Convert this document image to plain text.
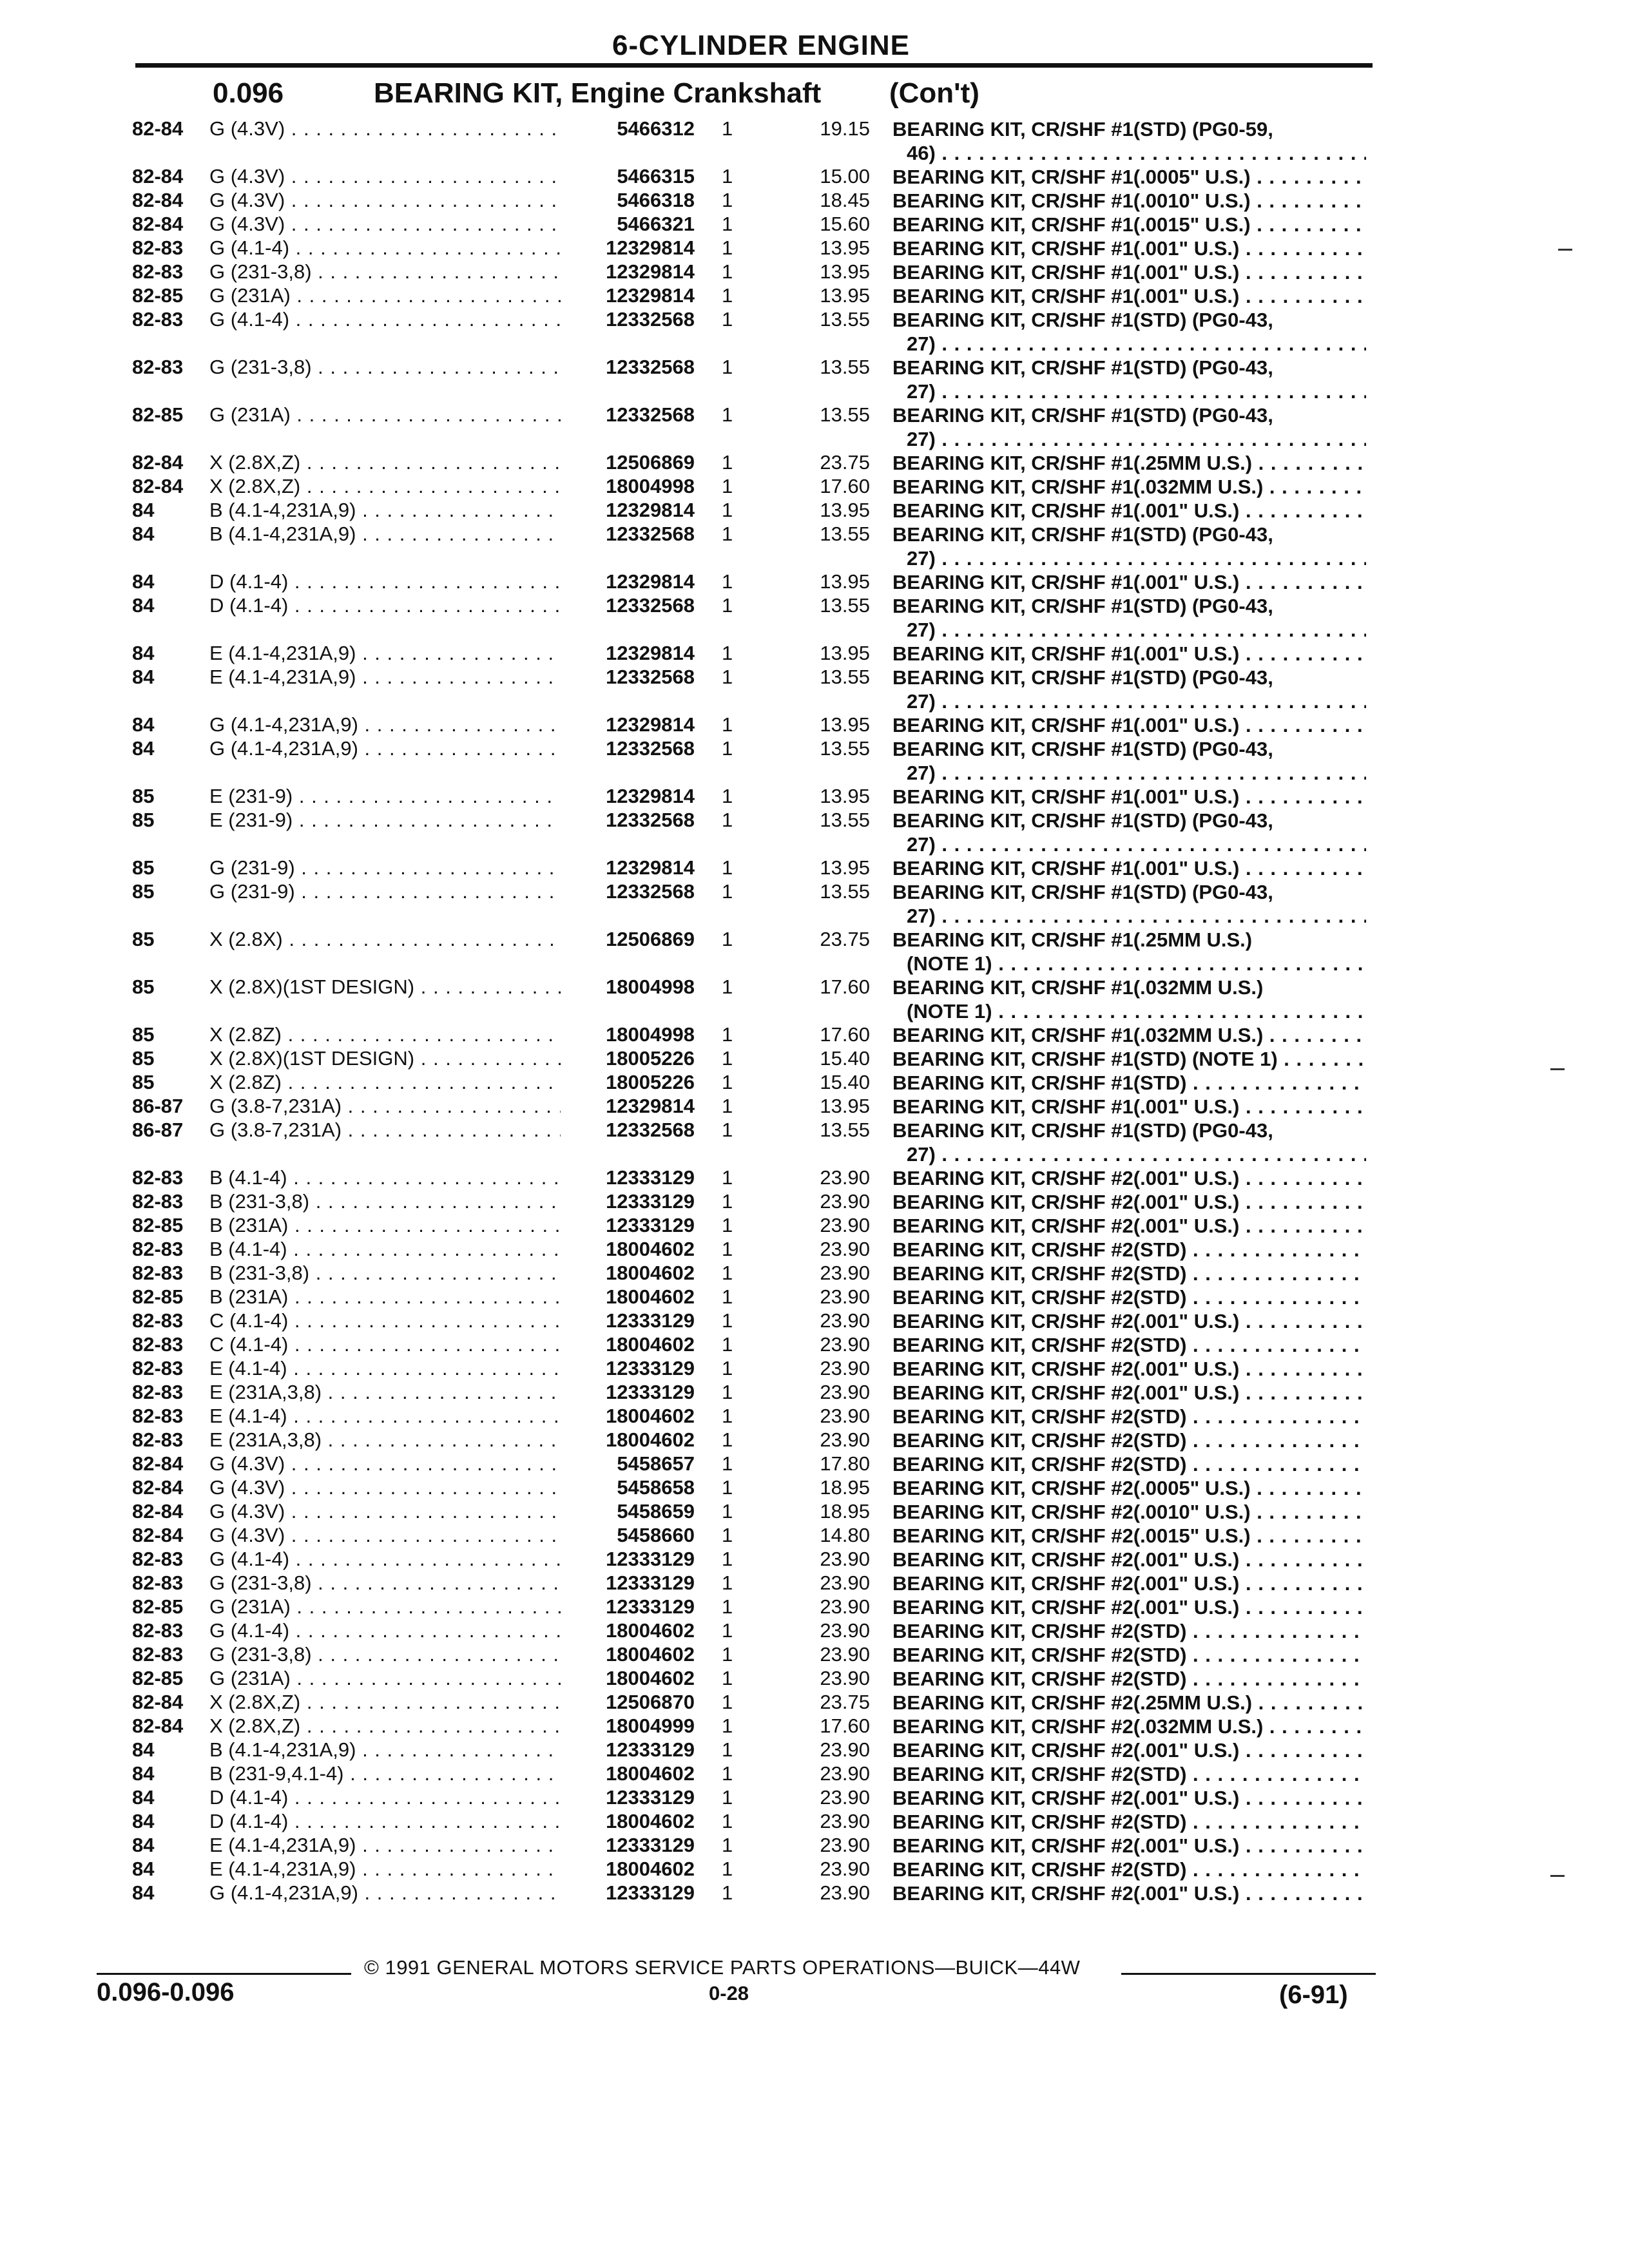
6-CYLINDER ENGINE
0.096	BEARING KIT, Engine Crankshaft (Con't)
82-84 G (4.3V) . . .	5466312 1	19.15 BEARING KIT, CR/SHF #1(STD) (PG0-59,
46) . . .
82-84 G (4.3V) . . .	5466315 1	15.00 BEARING KIT, CR/SHF #1(.0005" U.S.) . . .
82-84 G (4.3V) . . .	5466318 1	18.45 BEARING KIT, CR/SHF #1(.0010" U.S.) . . .
82-84 G (4.3V) . . .	5466321 1	15.60 BEARING KIT, CR/SHF #1(.0015" U.S.) . . .
82-83 G (4.1-4) . . .	12329814 1	13.95 BEARING KIT, CR/SHF #1(.001" U.S.) . . .
82-83 G (231-3,8) . . .	12329814 1	13.95 BEARING KIT, CR/SHF #1(.001" U.S.) . . .
82-85 G (231A) . . .	12329814 1	13.95 BEARING KIT, CR/SHF #1(.001" U.S.) . . .
82-83 G (4.1-4) . . .	12332568 1	13.55 BEARING KIT, CR/SHF #1(STD) (PG0-43,
27) . . .
82-83 G (231-3,8) . . .	12332568 1	13.55 BEARING KIT, CR/SHF #1(STD) (PG0-43,
27) . . .
82-85 G (231A) . . .	12332568 1	13.55 BEARING KIT, CR/SHF #1(STD) (PG0-43,
27) . . .
82-84 X (2.8X,Z) . . .	12506869 1	23.75 BEARING KIT, CR/SHF #1(.25MM U.S.) . . .
82-84 X (2.8X,Z) . . .	18004998 1	17.60 BEARING KIT, CR/SHF #1(.032MM U.S.) . . .
84	B (4.1-4,231A,9) . . .	12329814 1	13.95 BEARING KIT, CR/SHF #1(.001" U.S.) . . .
84	B (4.1-4,231A,9) . . .	12332568 1	13.55 BEARING KIT, CR/SHF #1(STD) (PG0-43,
27) . . .
84	D (4.1-4) . . .	12329814 1	13.95 BEARING KIT, CR/SHF #1(.001" U.S.) . . .
84	D (4.1-4) . . .	12332568 1	13.55 BEARING KIT, CR/SHF #1(STD) (PG0-43,
27) . . .
84	E (4.1-4,231A,9) . . .	12329814 1	13.95 BEARING KIT, CR/SHF #1(.001" U.S.) . . .
84	E (4.1-4,231A,9) . . .	12332568 1	13.55 BEARING KIT, CR/SHF #1(STD) (PG0-43,
27) . . .
84	G (4.1-4,231A,9) . . .	12329814 1	13.95 BEARING KIT, CR/SHF #1(.001" U.S.) . . .
84	G (4.1-4,231A,9) . . .	12332568 1	13.55 BEARING KIT, CR/SHF #1(STD) (PG0-43,
27) . . .
85	E (231-9) . . .	12329814 1	13.95 BEARING KIT, CR/SHF #1(.001" U.S.) . . .
85	E (231-9) . . .	12332568 1	13.55 BEARING KIT, CR/SHF #1(STD) (PG0-43,
27) . . .
85	G (231-9) . . .	12329814 1	13.95 BEARING KIT, CR/SHF #1(.001" U.S.) . . .
85	G (231-9) . . .	12332568 1	13.55 BEARING KIT, CR/SHF #1(STD) (PG0-43,
27) . . .
85	X (2.8X) . . .	12506869 1	23.75 BEARING KIT, CR/SHF #1(.25MM U.S.)
(NOTE 1) . . .
85	X (2.8X)(1ST DESIGN) . . .	18004998 1	17.60 BEARING KIT, CR/SHF #1(.032MM U.S.)
(NOTE 1) . . .
85	X (2.8Z) . . .	18004998 1	17.60 BEARING KIT, CR/SHF #1(.032MM U.S.) . . .
85	X (2.8X)(1ST DESIGN) . . .	18005226 1	15.40 BEARING KIT, CR/SHF #1(STD) (NOTE 1) . . .
85	X (2.8Z) . . .	18005226 1	15.40 BEARING KIT, CR/SHF #1(STD) . . .
86-87 G (3.8-7,231A) . . .	12329814 1	13.95 BEARING KIT, CR/SHF #1(.001" U.S.) . . .
86-87 G (3.8-7,231A) . . .	12332568 1	13.55 BEARING KIT, CR/SHF #1(STD) (PG0-43,
27) . . .
82-83 B (4.1-4) . . .	12333129 1	23.90 BEARING KIT, CR/SHF #2(.001" U.S.) . . .
82-83 B (231-3,8) . . .	12333129 1	23.90 BEARING KIT, CR/SHF #2(.001" U.S.) . . .
82-85 B (231A) . . .	12333129 1	23.90 BEARING KIT, CR/SHF #2(.001" U.S.) . . .
82-83 B (4.1-4) . . .	18004602 1	23.90 BEARING KIT, CR/SHF #2(STD) . . .
82-83 B (231-3,8) . . .	18004602 1	23.90 BEARING KIT, CR/SHF #2(STD) . . .
82-85 B (231A) . . .	18004602 1	23.90 BEARING KIT, CR/SHF #2(STD) . . .
82-83 C (4.1-4) . . .	12333129 1	23.90 BEARING KIT, CR/SHF #2(.001" U.S.) . . .
82-83 C (4.1-4) . . .	18004602 1	23.90 BEARING KIT, CR/SHF #2(STD) . . .
82-83 E (4.1-4) . . .	12333129 1	23.90 BEARING KIT, CR/SHF #2(.001" U.S.) . . .
82-83 E (231A,3,8) . . .	12333129 1	23.90 BEARING KIT, CR/SHF #2(.001" U.S.) . . .
82-83 E (4.1-4) . . .	18004602 1	23.90 BEARING KIT, CR/SHF #2(STD) . . .
82-83 E (231A,3,8) . . .	18004602 1	23.90 BEARING KIT, CR/SHF #2(STD) . . .
82-84 G (4.3V) . . .	5458657 1	17.80 BEARING KIT, CR/SHF #2(STD) . . .
82-84 G (4.3V) . . .	5458658 1	18.95 BEARING KIT, CR/SHF #2(.0005" U.S.) . . .
82-84 G (4.3V) . . .	5458659 1	18.95 BEARING KIT, CR/SHF #2(.0010" U.S.) . . .
82-84 G (4.3V) . . .	5458660 1	14.80 BEARING KIT, CR/SHF #2(.0015" U.S.) . . .
82-83 G (4.1-4) . . .	12333129 1	23.90 BEARING KIT, CR/SHF #2(.001" U.S.) . . .
82-83 G (231-3,8) . . .	12333129 1	23.90 BEARING KIT, CR/SHF #2(.001" U.S.) . . .
82-85 G (231A) . . .	12333129 1	23.90 BEARING KIT, CR/SHF #2(.001" U.S.) . . .
82-83 G (4.1-4) . . .	18004602 1	23.90 BEARING KIT, CR/SHF #2(STD) . . .
82-83 G (231-3,8) . . .	18004602 1	23.90 BEARING KIT, CR/SHF #2(STD) . . .
82-85 G (231A) . . .	18004602 1	23.90 BEARING KIT, CR/SHF #2(STD) . . .
82-84 X (2.8X,Z) . . .	12506870 1	23.75 BEARING KIT, CR/SHF #2(.25MM U.S.) . . .
82-84 X (2.8X,Z) . . .	18004999 1	17.60 BEARING KIT, CR/SHF #2(.032MM U.S.) . . .
84	B (4.1-4,231A,9) . . .	12333129 1	23.90 BEARING KIT, CR/SHF #2(.001" U.S.) . . .
84	B (231-9,4.1-4) . . .	18004602 1	23.90 BEARING KIT, CR/SHF #2(STD) . . .
84	D (4.1-4) . . .	12333129 1	23.90 BEARING KIT, CR/SHF #2(.001" U.S.) . . .
84	D (4.1-4) . . .	18004602 1	23.90 BEARING KIT, CR/SHF #2(STD) . . .
84	E (4.1-4,231A,9) . . .	12333129 1	23.90 BEARING KIT, CR/SHF #2(.001" U.S.) . . .
84	E (4.1-4,231A,9) . . .	18004602 1	23.90 BEARING KIT, CR/SHF #2(STD) . . .
84	G (4.1-4,231A,9) . . .	12333129 1	23.90 BEARING KIT, CR/SHF #2(.001" U.S.) . . .
© 1991 GENERAL MOTORS SERVICE PARTS OPERATIONS—BUICK—44W
0.096-0.096	0-28	(6-91)
